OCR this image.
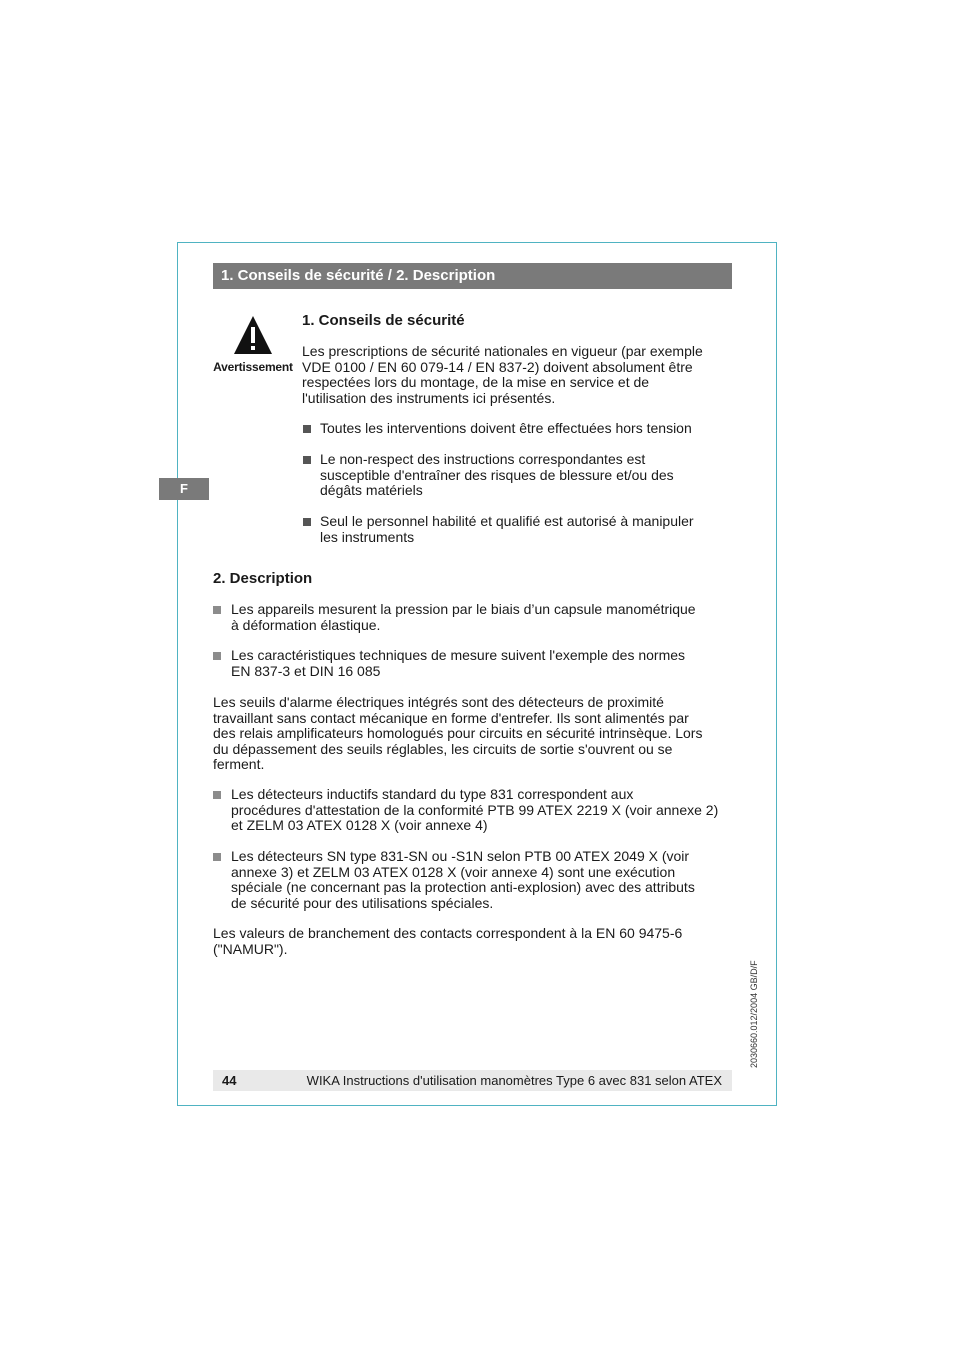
1. Conseils de sécurité / 2. Description
F
Avertissement
1. Conseils de sécurité
Les prescriptions de sécurité nationales en vigueur (par exemple
VDE 0100 / EN 60 079-14 / EN 837-2) doivent absolument être
respectées lors du montage, de la mise en service et de
l'utilisation des instruments ici présentés.
Toutes les interventions doivent être effectuées hors tension
Le non-respect des instructions correspondantes est
susceptible d'entraîner des risques de blessure et/ou des
dégâts matériels
Seul le personnel habilité et qualifié est autorisé à manipuler
les instruments
2. Description
Les appareils mesurent la pression par le biais d’un capsule manométrique
à déformation élastique.
Les caractéristiques techniques de mesure suivent l'exemple des normes
EN 837-3 et DIN 16 085
Les seuils d'alarme électriques intégrés sont des détecteurs de proximité
travaillant sans contact mécanique en forme d'entrefer. Ils sont alimentés par
des relais amplificateurs homologués pour circuits en sécurité intrinsèque. Lors
du dépassement des seuils réglables, les circuits de sortie s'ouvrent ou se
ferment.
Les détecteurs inductifs standard du type 831 correspondent aux
procédures d'attestation de la conformité PTB 99 ATEX 2219 X (voir annexe 2)
et ZELM 03 ATEX 0128 X (voir annexe 4)
Les détecteurs SN type 831-SN ou -S1N selon PTB 00 ATEX 2049 X (voir
annexe 3) et ZELM 03 ATEX 0128 X (voir annexe 4) sont une exécution
spéciale (ne concernant pas la protection anti-explosion) avec des attributs
de sécurité pour des utilisations spéciales.
Les valeurs de branchement des contacts correspondent à la EN 60 9475-6
("NAMUR").
2030660.012/2004 GB/D/F
44	WIKA Instructions d'utilisation manomètres Type 6 avec 831 selon ATEX
